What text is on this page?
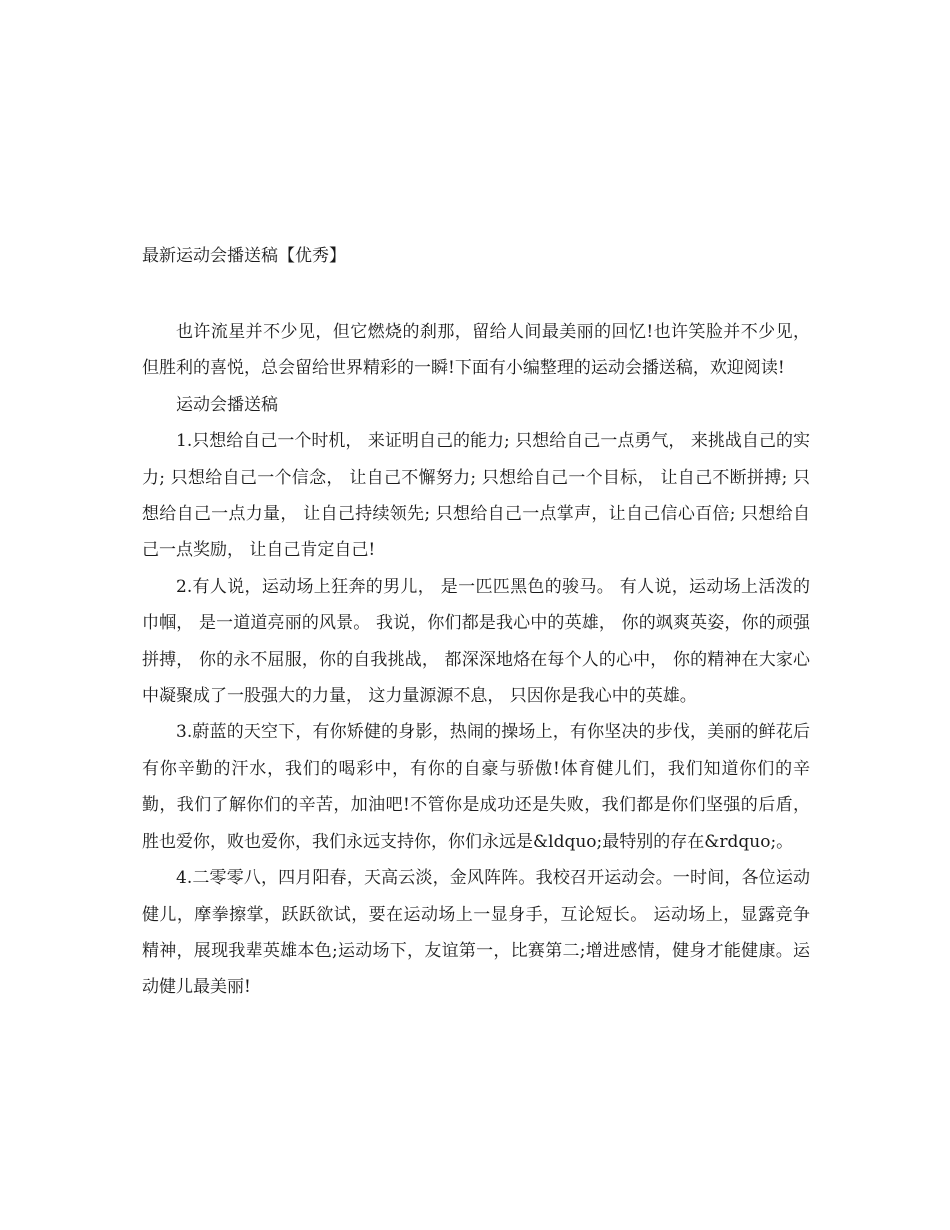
最新运动会播送稿【优秀】

也许流星并不少见，但它燃烧的刹那，留给人间最美丽的回忆!也许笑脸并不少见，但胜利的喜悦，总会留给世界精彩的一瞬!下面有小编整理的运动会播送稿，欢迎阅读!

运动会播送稿

1.只想给自己一个时机， 来证明自己的能力; 只想给自己一点勇气， 来挑战自己的实力; 只想给自己一个信念， 让自己不懈努力; 只想给自己一个目标， 让自己不断拼搏; 只想给自己一点力量， 让自己持续领先; 只想给自己一点掌声，让自己信心百倍; 只想给自己一点奖励， 让自己肯定自己!

2.有人说，运动场上狂奔的男儿， 是一匹匹黑色的骏马。 有人说，运动场上活泼的巾帼， 是一道道亮丽的风景。 我说，你们都是我心中的英雄， 你的飒爽英姿，你的顽强拼搏， 你的永不屈服，你的自我挑战， 都深深地烙在每个人的心中， 你的精神在大家心中凝聚成了一股强大的力量， 这力量源源不息， 只因你是我心中的英雄。

3.蔚蓝的天空下，有你矫健的身影，热闹的操场上，有你坚决的步伐，美丽的鲜花后有你辛勤的汗水，我们的喝彩中，有你的自豪与骄傲!体育健儿们，我们知道你们的辛勤，我们了解你们的辛苦，加油吧!不管你是成功还是失败，我们都是你们坚强的后盾，胜也爱你，败也爱你，我们永远支持你，你们永远是&ldquo;最特别的存在&rdquo;。

4.二零零八，四月阳春，天高云淡，金风阵阵。我校召开运动会。一时间，各位运动健儿，摩拳擦掌，跃跃欲试，要在运动场上一显身手，互论短长。 运动场上，显露竞争精神，展现我辈英雄本色;运动场下，友谊第一，比赛第二;增进感情，健身才能健康。运动健儿最美丽!
